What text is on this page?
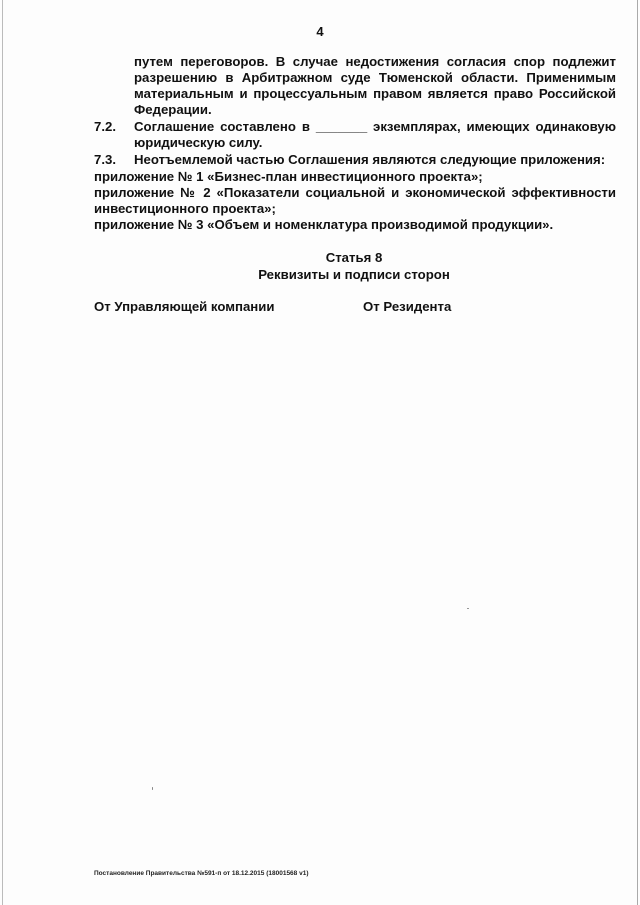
4
путем переговоров. В случае недостижения согласия спор подлежит
разрешению в Арбитражном суде Тюменской области. Применимым
материальным и процессуальным правом является право Российской
Федерации.
7.2. Соглашение составлено в _______ экземплярах, имеющих одинаковую
юридическую силу.
7.3. Неотъемлемой частью Соглашения являются следующие приложения:
приложение № 1 «Бизнес-план инвестиционного проекта»;
приложение № 2 «Показатели социальной и экономической эффективности
инвестиционного проекта»;
приложение № 3 «Объем и номенклатура производимой продукции».
Статья 8
Реквизиты и подписи сторон
От Управляющей компании	От Резидента
Постановление Правительства №591-п от 18.12.2015 (18001568 v1)
